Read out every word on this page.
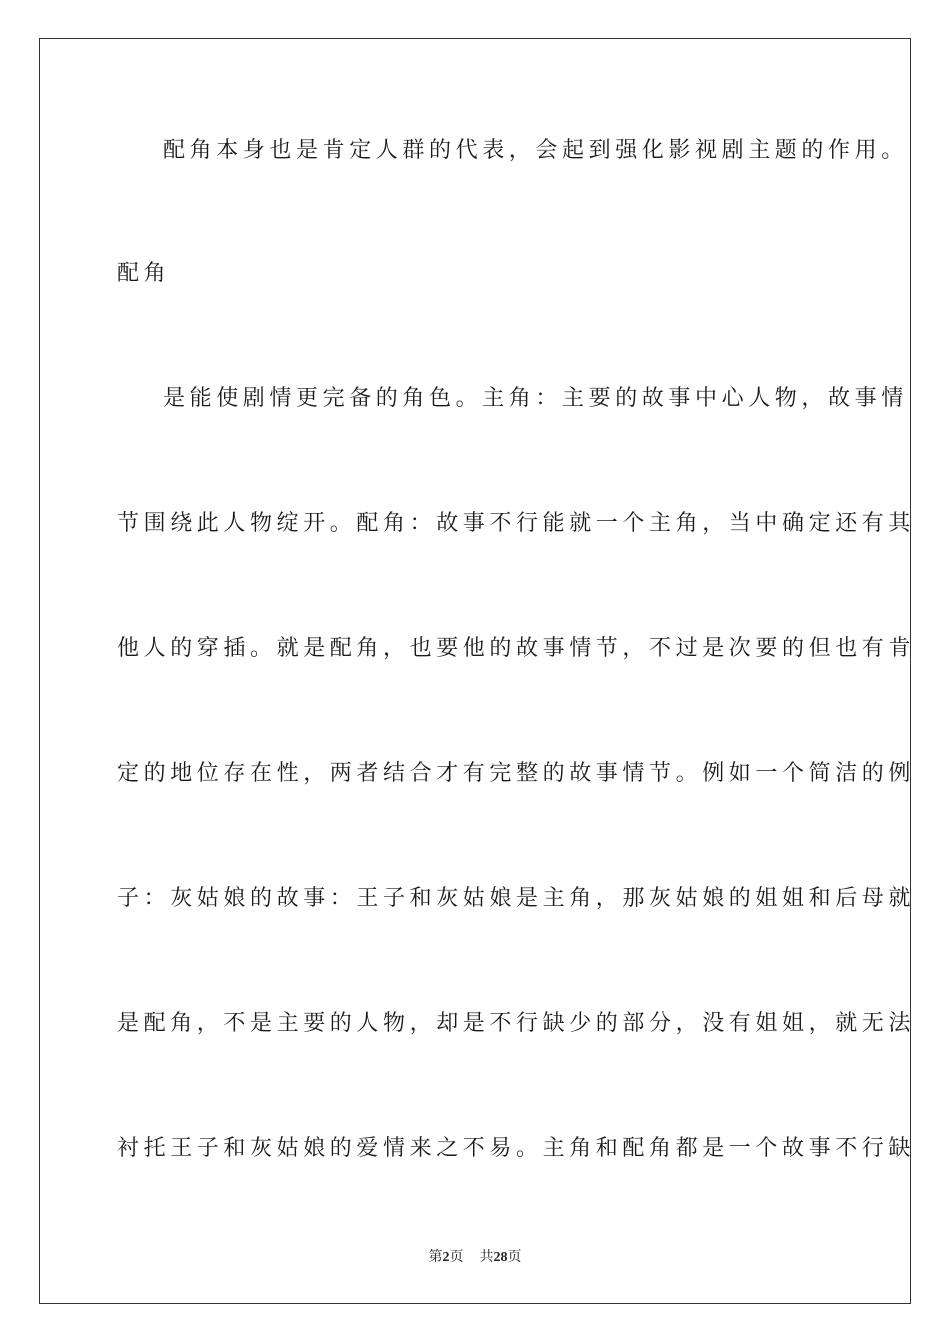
配角本身也是肯定人群的代表，会起到强化影视剧主题的作用。
配角
是能使剧情更完备的角色。主角：主要的故事中心人物，故事情
节围绕此人物绽开。配角：故事不行能就一个主角，当中确定还有其
他人的穿插。就是配角，也要他的故事情节，不过是次要的但也有肯
定的地位存在性，两者结合才有完整的故事情节。例如一个简洁的例
子：灰姑娘的故事：王子和灰姑娘是主角，那灰姑娘的姐姐和后母就
是配角，不是主要的人物，却是不行缺少的部分，没有姐姐，就无法
衬托王子和灰姑娘的爱情来之不易。主角和配角都是一个故事不行缺
第2页 共28页
